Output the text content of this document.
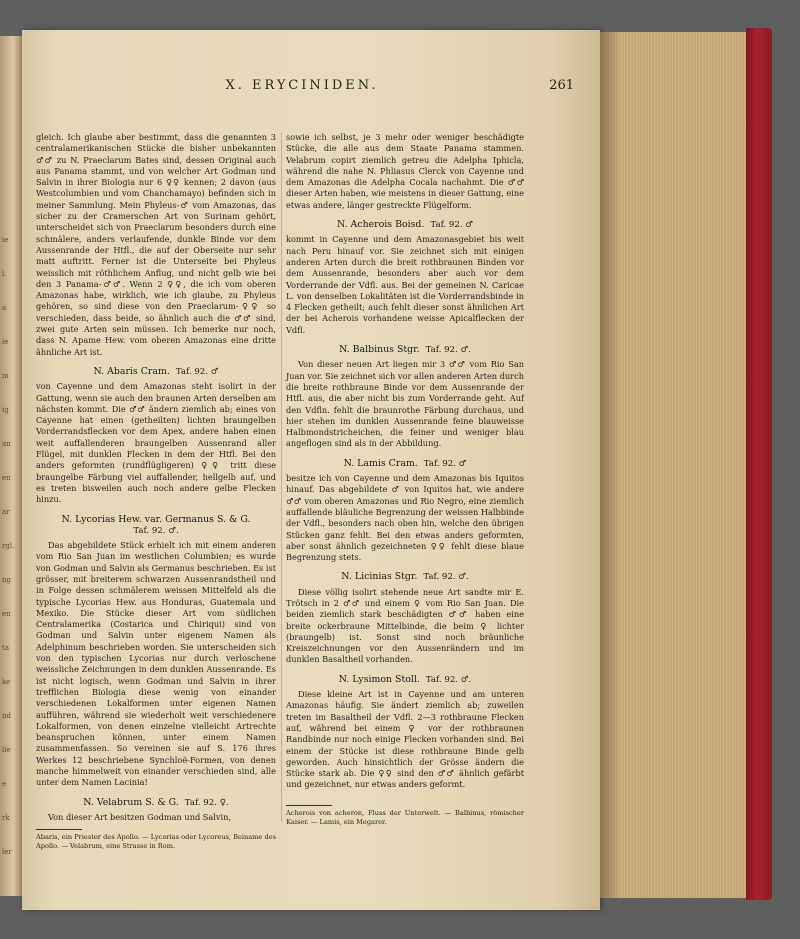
ie
l.
a
ie
m
ig
an
en
ar
rgl.
ng
en
ta
ke
nd
lie
e
rk
ler
X. ERYCINIDEN.	261

gleich. Ich glaube aber bestimmt, dass die genannten 3 centralamerikanischen Stücke die bisher unbekannten ♂♂ zu N. Praeclarum Bates sind, dessen Original auch aus Panama stammt, und von welcher Art Godman und Salvin in ihrer Biologia nur 6 ♀♀ kennen; 2 davon (aus Westcolumbien und vom Chanchamayo) befinden sich in meiner Sammlung. Mein Phyleus-♂ vom Amazonas, das sicher zu der Cramerschen Art von Surinam gehört, unterscheidet sich von Praeclarum besonders durch eine schmälere, anders verlaufende, dunkle Binde vor dem Aussenrande der Htfl., die auf der Oberseite nur sehr matt auftritt. Ferner ist die Unterseite bei Phyleus weisslich mit röthlichem Anflug, und nicht gelb wie bei den 3 Panama-♂♂. Wenn 2 ♀♀, die ich vom oberen Amazonas habe, wirklich, wie ich glaube, zu Phyleus gehören, so sind diese von den Praeclarum-♀♀ so verschieden, dass beide, so ähnlich auch die ♂♂ sind, zwei gute Arten sein müssen. Ich bemerke nur noch, dass N. Apame Hew. vom oberen Amazonas eine dritte ähnliche Art ist.

N. Abaris Cram. Taf. 92. ♂

von Cayenne und dem Amazonas steht isolirt in der Gattung, wenn sie auch den braunen Arten derselben am nächsten kommt. Die ♂♂ ändern ziemlich ab; eines von Cayenne hat einen (getheilten) lichten braungelben Vorderrandsflecken vor dem Apex, andere haben einen weit auffallenderen braungelben Aussenrand aller Flügel, mit dunklen Flecken in dem der Htfl. Bei den anders geformten (rundflügligeren) ♀♀ tritt diese braungelbe Färbung viel auffallender, hellgelb auf, und es treten bisweilen auch noch andere gelbe Flecken hinzu.

N. Lycorias Hew. var. Germanus S. & G.
Taf. 92. ♂.

Das abgebildete Stück erhielt ich mit einem anderen vom Rio San Juan im westlichen Columbien; es wurde von Godman und Salvin als Germanus beschrieben. Es ist grösser, mit breiterem schwarzen Aussenrandstheil und in Folge dessen schmälerem weissen Mittelfeld als die typische Lycorias Hew. aus Honduras, Guatemala und Mexiko. Die Stücke dieser Art vom südlichen Centralamerika (Costarica und Chiriqui) sind von Godman und Salvin unter eigenem Namen als Adelphinum beschrieben worden. Sie unterscheiden sich von den typischen Lycorias nur durch verloschene weissliche Zeichnungen in dem dunklen Aussenrande. Es ist nicht logisch, wenn Godman und Salvin in ihrer trefflichen Biologia diese wenig von einander verschiedenen Lokalformen unter eigenen Namen aufführen, während sie wiederholt weit verschiedenere Lokalformen, von denen einzelne vielleicht Artrechte beanspruchen können, unter einem Namen zusammenfassen. So vereinen sie auf S. 176 ihres Werkes 12 beschriebene Synchloë-Formen, von denen manche himmelweit von einander verschieden sind, alle unter dem Namen Lacinia!

N. Velabrum S. & G. Taf. 92. ♀.

Von dieser Art besitzen Godman und Salvin,

Abaris, ein Priester des Apollo. — Lycorias oder Lycoreus, Beiname des Apollo. — Velabrum, eine Strasse in Rom.

sowie ich selbst, je 3 mehr oder weniger beschädigte Stücke, die alle aus dem Staate Panama stammen. Velabrum copirt ziemlich getreu die Adelpha Iphicla, während die nahe N. Phliasus Clerck von Cayenne und dem Amazonas die Adelpha Cocala nachahmt. Die ♂♂ dieser Arten haben, wie meistens in dieser Gattung, eine etwas andere, länger gestreckte Flügelform.

N. Acherois Boisd. Taf. 92. ♂

kommt in Cayenne und dem Amazonasgebiet bis weit nach Peru hinauf vor. Sie zeichnet sich mit einigen anderen Arten durch die breit rothbraunen Binden vor dem Aussenrande, besonders aber auch vor dem Vorderrande der Vdfl. aus. Bei der gemeinen N. Caricae L. von denselben Lokalitäten ist die Vorderrandsbinde in 4 Flecken getheilt; auch fehlt dieser sonst ähnlichen Art der bei Acherois vorhandene weisse Apicalflecken der Vdfl.

N. Balbinus Stgr. Taf. 92. ♂.

Von dieser neuen Art liegen mir 3 ♂♂ vom Rio San Juan vor. Sie zeichnet sich vor allen anderen Arten durch die breite rothbraune Binde vor dem Aussenrande der Htfl. aus, die aber nicht bis zum Vorderrande geht. Auf den Vdfln. fehlt die braunrothe Färbung durchaus, und hier stehen im dunklen Aussenrande feine blauweisse Halbmondstricheichen, die feiner und weniger blau angeflogen sind als in der Abbildung.

N. Lamis Cram. Taf. 92. ♂

besitze ich von Cayenne und dem Amazonas bis Iquitos hinauf. Das abgebildete ♂ von Iquitos hat, wie andere ♂♂ vom oberen Amazonas und Rio Negro, eine ziemlich auffallende bläuliche Begrenzung der weissen Halbbinde der Vdfl., besonders nach oben hin, welche den übrigen Stücken ganz fehlt. Bei den etwas anders geformten, aber sonst ähnlich gezeichneten ♀♀ fehlt diese blaue Begrenzung stets.

N. Licinias Stgr. Taf. 92. ♂.

Diese völlig isolirt stehende neue Art sandte mir E. Trötsch in 2 ♂♂ und einem ♀ vom Rio San Juan. Die beiden ziemlich stark beschädigten ♂♂ haben eine breite ockerbraune Mittelbinde, die beim ♀ lichter (braungelb) ist. Sonst sind noch bräunliche Kreiszeichnungen vor den Aussenrändern und im dunklen Basaltheil vorhanden.

N. Lysimon Stoll. Taf. 92. ♂.

Diese kleine Art ist in Cayenne und am unteren Amazonas häufig. Sie ändert ziemlich ab; zuweilen treten im Basaltheil der Vdfl. 2—3 rothbraune Flecken auf, während bei einem ♀ vor der rothbraunen Randbinde nur noch einige Flecken vorhanden sind. Bei einem der Stücke ist diese rothbraune Binde gelb geworden. Auch hinsichtlich der Grösse ändern die Stücke stark ab. Die ♀♀ sind den ♂♂ ähnlich gefärbt und gezeichnet, nur etwas anders geformt.

Acherois von acheron, Fluss der Unterwelt. — Balbinus, römischer Kaiser. — Lamis, ein Megarer.
